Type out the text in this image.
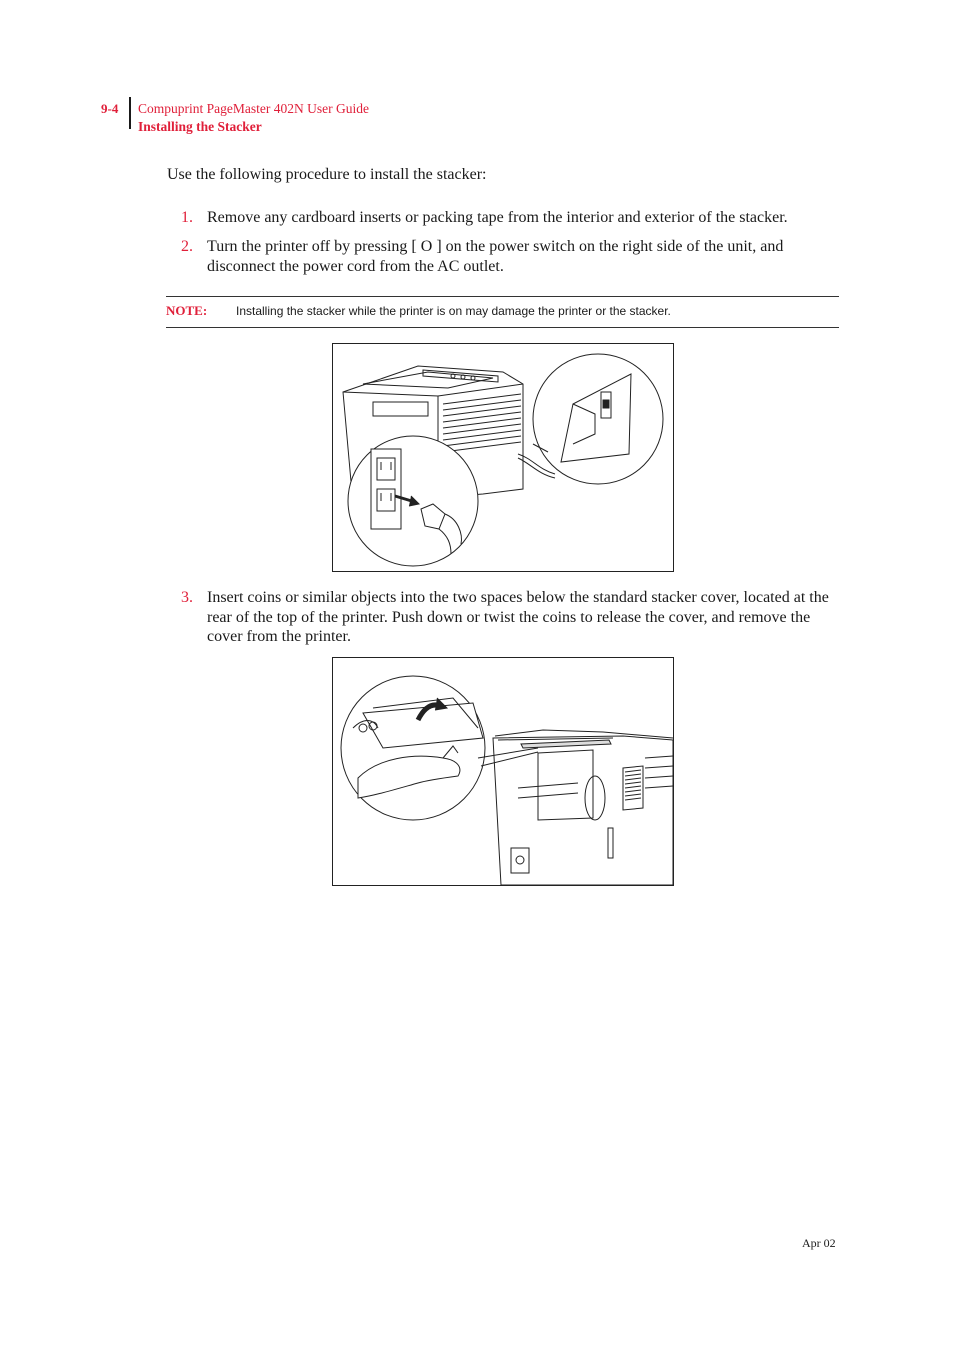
9-4 Compuprint PageMaster 402N User Guide
Installing the Stacker
Use the following procedure to install the stacker:
1. Remove any cardboard inserts or packing tape from the interior and exterior of the stacker.
2. Turn the printer off by pressing [ O ] on the power switch on the right side of the unit, and disconnect the power cord from the AC outlet.
NOTE: Installing the stacker while the printer is on may damage the printer or the stacker.
3. Insert coins or similar objects into the two spaces below the standard stacker cover, located at the rear of the top of the printer. Push down or twist the coins to release the cover, and remove the cover from the printer.
Apr 02
